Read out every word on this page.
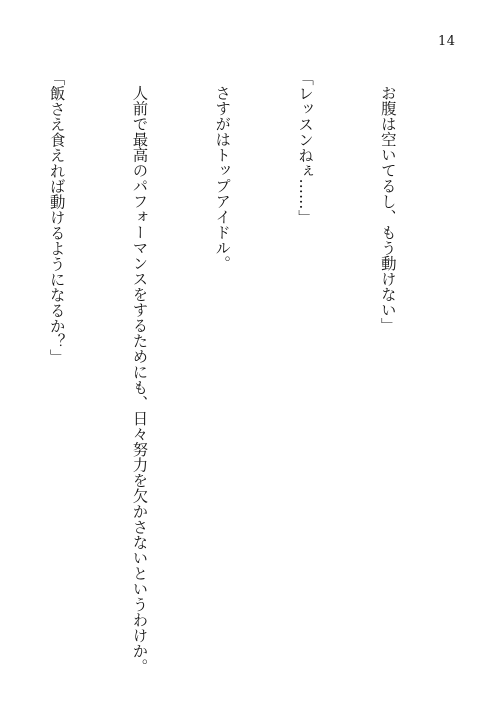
14

お腹は空いてるし、もう動けない」

「レッスンねぇ……」

さすがはトップアイドル。

人前で最高のパフォーマンスをするためにも、日々努力を欠かさないというわけか。

「飯さえ食えれば動けるようになるか？」
